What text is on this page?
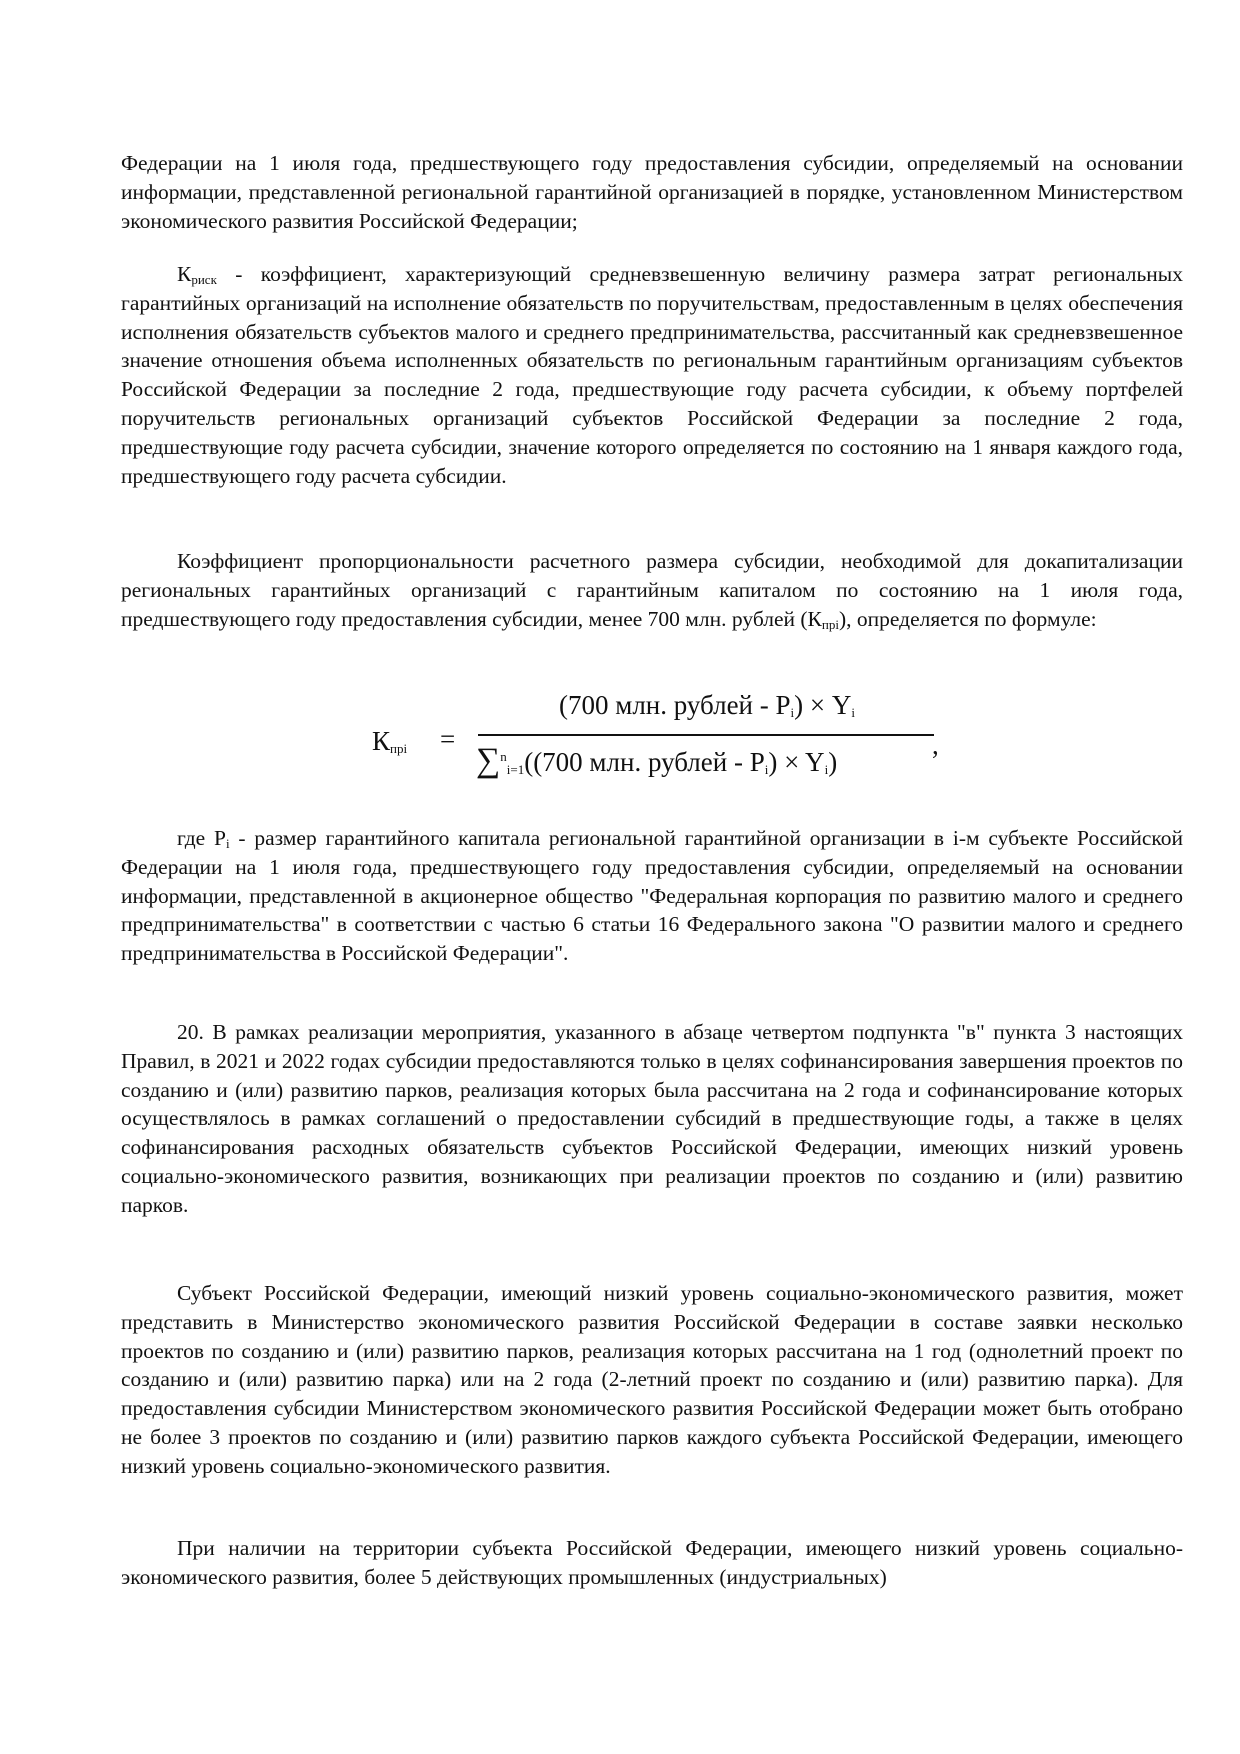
Федерации на 1 июля года, предшествующего году предоставления субсидии, определяемый на основании информации, представленной региональной гарантийной организацией в порядке, установленном Министерством экономического развития Российской Федерации;

$К_{риск}$ - коэффициент, характеризующий средневзвешенную величину размера затрат региональных гарантийных организаций на исполнение обязательств по поручительствам, предоставленным в целях обеспечения исполнения обязательств субъектов малого и среднего предпринимательства, рассчитанный как средневзвешенное значение отношения объема исполненных обязательств по региональным гарантийным организациям субъектов Российской Федерации за последние 2 года, предшествующие году расчета субсидии, к объему портфелей поручительств региональных организаций субъектов Российской Федерации за последние 2 года, предшествующие году расчета субсидии, значение которого определяется по состоянию на 1 января каждого года, предшествующего году расчета субсидии.

Коэффициент пропорциональности расчетного размера субсидии, необходимой для докапитализации региональных гарантийных организаций с гарантийным капиталом по состоянию на 1 июля года, предшествующего году предоставления субсидии, менее 700 млн. рублей $(К_{прi})$, определяется по формуле:

$К_{прi}$ =
(700 млн. рублей - $P_i) \times Y_i$
∑$^n_{i=1}$((700 млн. рублей - $P_i) \times Y_i$)
,

где $P_i$ - размер гарантийного капитала региональной гарантийной организации в i-м субъекте Российской Федерации на 1 июля года, предшествующего году предоставления субсидии, определяемый на основании информации, представленной в акционерное общество "Федеральная корпорация по развитию малого и среднего предпринимательства" в соответствии с частью 6 статьи 16 Федерального закона "О развитии малого и среднего предпринимательства в Российской Федерации".

20. В рамках реализации мероприятия, указанного в абзаце четвертом подпункта "в" пункта 3 настоящих Правил, в 2021 и 2022 годах субсидии предоставляются только в целях софинансирования завершения проектов по созданию и (или) развитию парков, реализация которых была рассчитана на 2 года и софинансирование которых осуществлялось в рамках соглашений о предоставлении субсидий в предшествующие годы, а также в целях софинансирования расходных обязательств субъектов Российской Федерации, имеющих низкий уровень социально-экономического развития, возникающих при реализации проектов по созданию и (или) развитию парков.

Субъект Российской Федерации, имеющий низкий уровень социально-экономического развития, может представить в Министерство экономического развития Российской Федерации в составе заявки несколько проектов по созданию и (или) развитию парков, реализация которых рассчитана на 1 год (однолетний проект по созданию и (или) развитию парка) или на 2 года (2-летний проект по созданию и (или) развитию парка). Для предоставления субсидии Министерством экономического развития Российской Федерации может быть отобрано не более 3 проектов по созданию и (или) развитию парков каждого субъекта Российской Федерации, имеющего низкий уровень социально-экономического развития.

При наличии на территории субъекта Российской Федерации, имеющего низкий уровень социально-экономического развития, более 5 действующих промышленных (индустриальных)
